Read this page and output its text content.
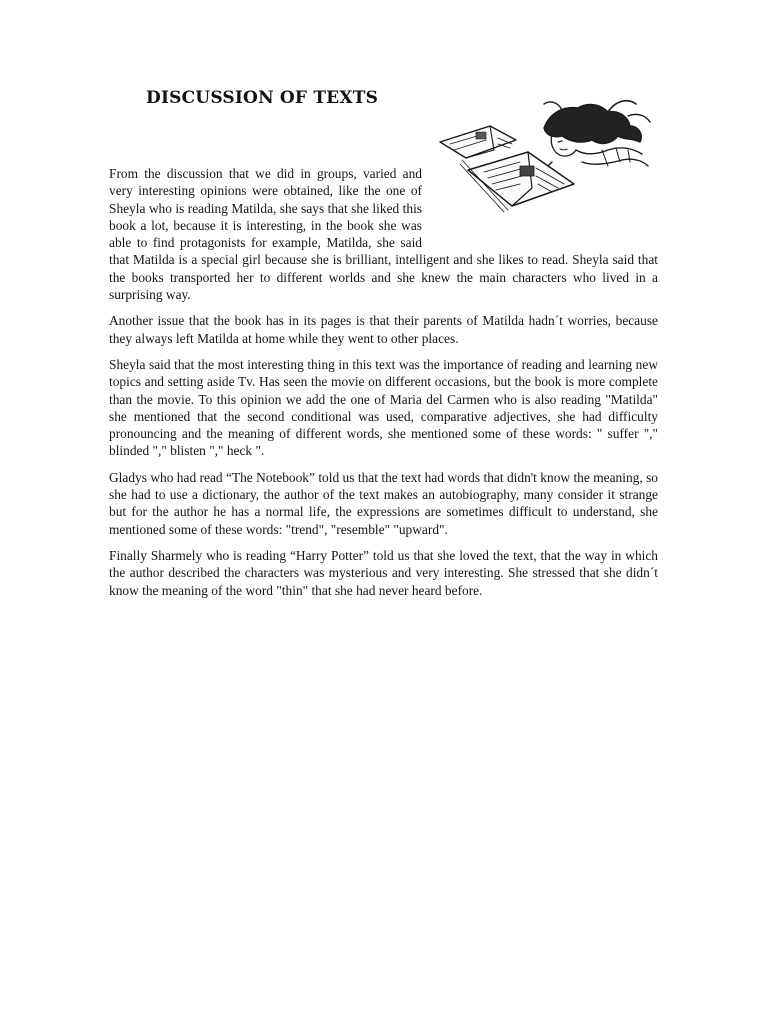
DISCUSSION OF TEXTS

From the discussion that we did in groups, varied and very interesting opinions were obtained, like the one of Sheyla who is reading Matilda, she says that she liked this book a lot, because it is interesting, in the book she was able to find protagonists for example, Matilda, she said that Matilda is a special girl because she is brilliant, intelligent and she likes to read. Sheyla said that the books transported her to different worlds and she knew the main characters who lived in a surprising way.

Another issue that the book has in its pages is that their parents of Matilda hadn´t worries, because they always left Matilda at home while they went to other places.

Sheyla said that the most interesting thing in this text was the importance of reading and learning new topics and setting aside Tv. Has seen the movie on different occasions, but the book is more complete than the movie. To this opinion we add the one of Maria del Carmen who is also reading "Matilda" she mentioned that the second conditional was used, comparative adjectives, she had difficulty pronouncing and the meaning of different words, she mentioned some of these words: " suffer "," blinded "," blisten "," heck ".

Gladys who had read “The Notebook” told us that the text had words that didn't know the meaning, so she had to use a dictionary, the author of the text makes an autobiography, many consider it strange but for the author he has a normal life, the expressions are sometimes difficult to understand, she mentioned some of these words: "trend", "resemble" "upward".

Finally Sharmely who is reading “Harry Potter” told us that she loved the text, that the way in which the author described the characters was mysterious and very interesting. She stressed that she didn´t know the meaning of the word "thin" that she had never heard before.
